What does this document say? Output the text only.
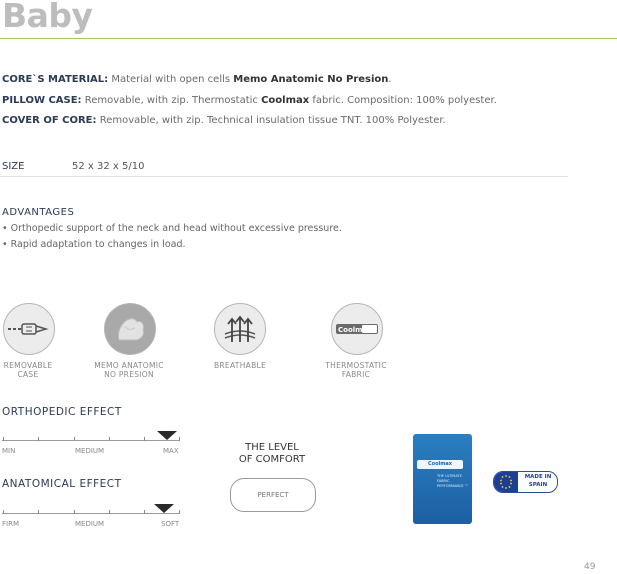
Baby
CORE`S MATERIAL: Material with open cells Memo Anatomic No Presion.
PILLOW CASE: Removable, with zip. Thermostatic Coolmax fabric. Composition: 100% polyester.
COVER OF CORE: Removable, with zip. Technical insulation tissue TNT. 100% Polyester.
SIZE	52 x 32 x 5/10
ADVANTAGES
• Orthopedic support of the neck and head without excessive pressure.
• Rapid adaptation to changes in load.
REMOVABLE
CASE
MEMO ANATOMIC
NO PRESION
BREATHABLE
Coolmax
THERMOSTATIC
FABRIC
ORTHOPEDIC EFFECT
MIN	MEDIUM	MAX
ANATOMICAL EFFECT
FIRM	MEDIUM	SOFT
THE LEVEL
OF COMFORT
PERFECT
Coolmax
THE ULTIMATE FABRIC PERFORMANCE ™
MADE IN
SPAIN
49
